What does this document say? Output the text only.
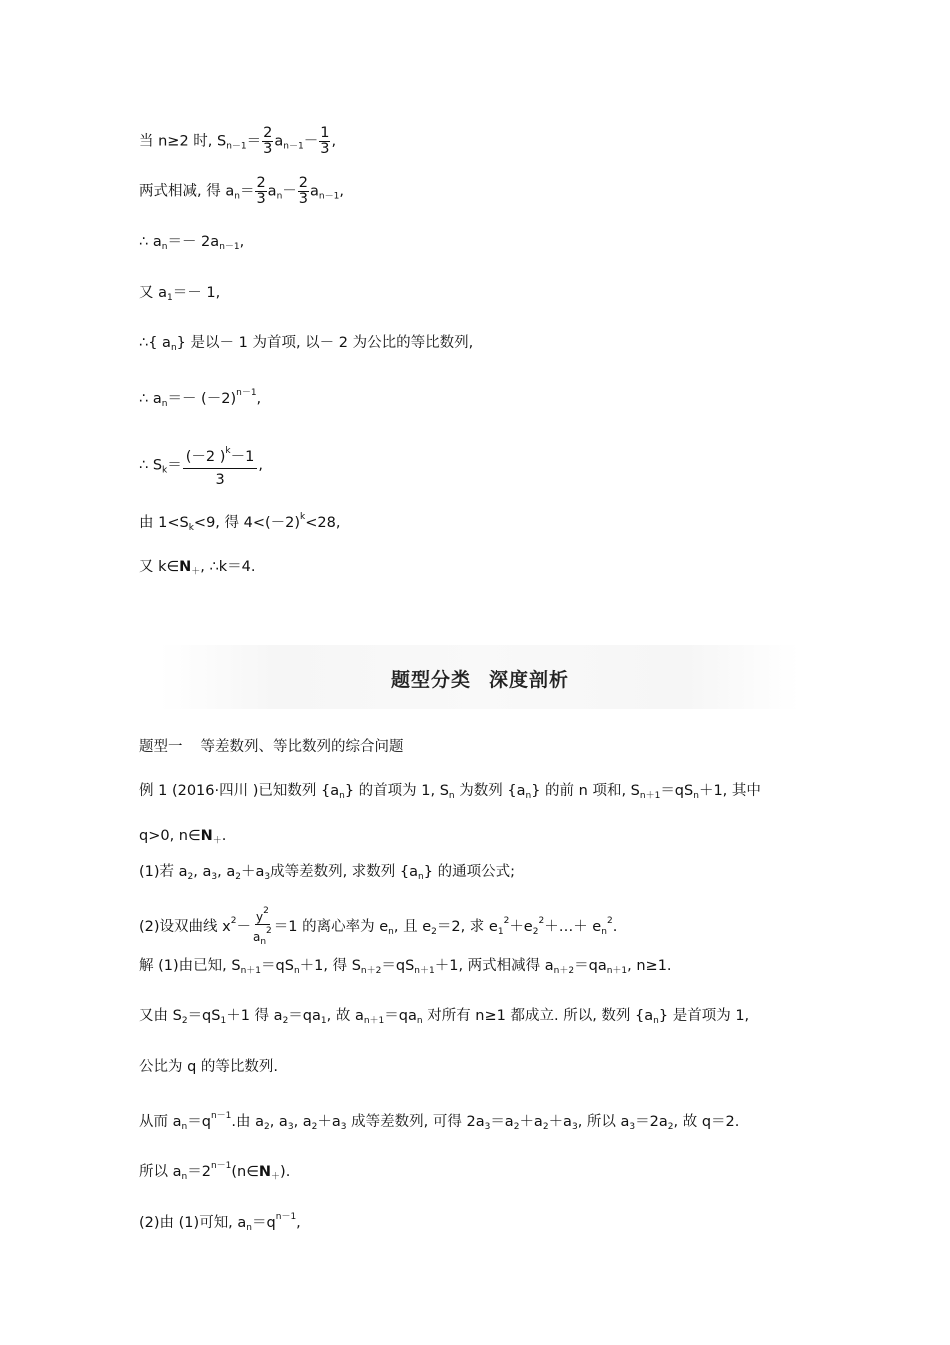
当 n≥2 时, $S_{n-1}= \frac{2}{3} a_{n-1}- \frac{1}{3}$ ,
两式相减, 得 $a_n= \frac{2}{3} a_n- \frac{2}{3} a_{n-1}$,
∴ $a_n=- 2a_{n-1}$,
又 $a_1=- 1$,
∴{ $a_n$} 是以－ 1 为首项, 以－ 2 为公比的等比数列,
∴ $a_n=- (-2)^{n-1}$,
∴ $S_k= \frac{(-2 )^k-1}{3}$ ,
由 $1<S_k<9$, 得 $4<(-2)^k<28$,
又 $k\in N_+$, ∴k＝4.
题型分类 深度剖析
题型一 等差数列、等比数列的综合问题
例 1 (2016·四川 )已知数列 $\{a_n\}$ 的首项为 1, $S_n$ 为数列 $\{a_n\}$ 的前 n 项和, $S_{n+1}=qS_n+1$, 其中
q>0, $n\in N_+$.
(1)若 $a_2$, $a_3$, $a_2+a_3$成等差数列, 求数列 $\{a_n\}$ 的通项公式;
(2)设双曲线 $x^2- \frac{y^2}{a_n^2} =1$ 的离心率为 $e_n$, 且 $e_2=2$, 求 $e_1^2+e_2^2+\dots+ e_n^2$.
解 (1)由已知, $S_{n+1}=qS_n+1$, 得 $S_{n+2}=qS_{n+1}+1$, 两式相减得 $a_{n+2}=qa_{n+1}$, n≥1.
又由 $S_2=qS_1+1$ 得 $a_2=qa_1$, 故 $a_{n+1}=qa_n$ 对所有 n≥1 都成立. 所以, 数列 $\{a_n\}$ 是首项为 1,
公比为 q 的等比数列.
从而 $a_n=q^{n-1}$.由 $a_2$, $a_3$, $a_2+a_3$ 成等差数列, 可得 $2a_3=a_2+a_2+a_3$, 所以 $a_3=2a_2$, 故 q＝2.
所以 $a_n=2^{n-1}(n\in N_+)$.
(2)由 (1)可知, $a_n=q^{n-1}$,
